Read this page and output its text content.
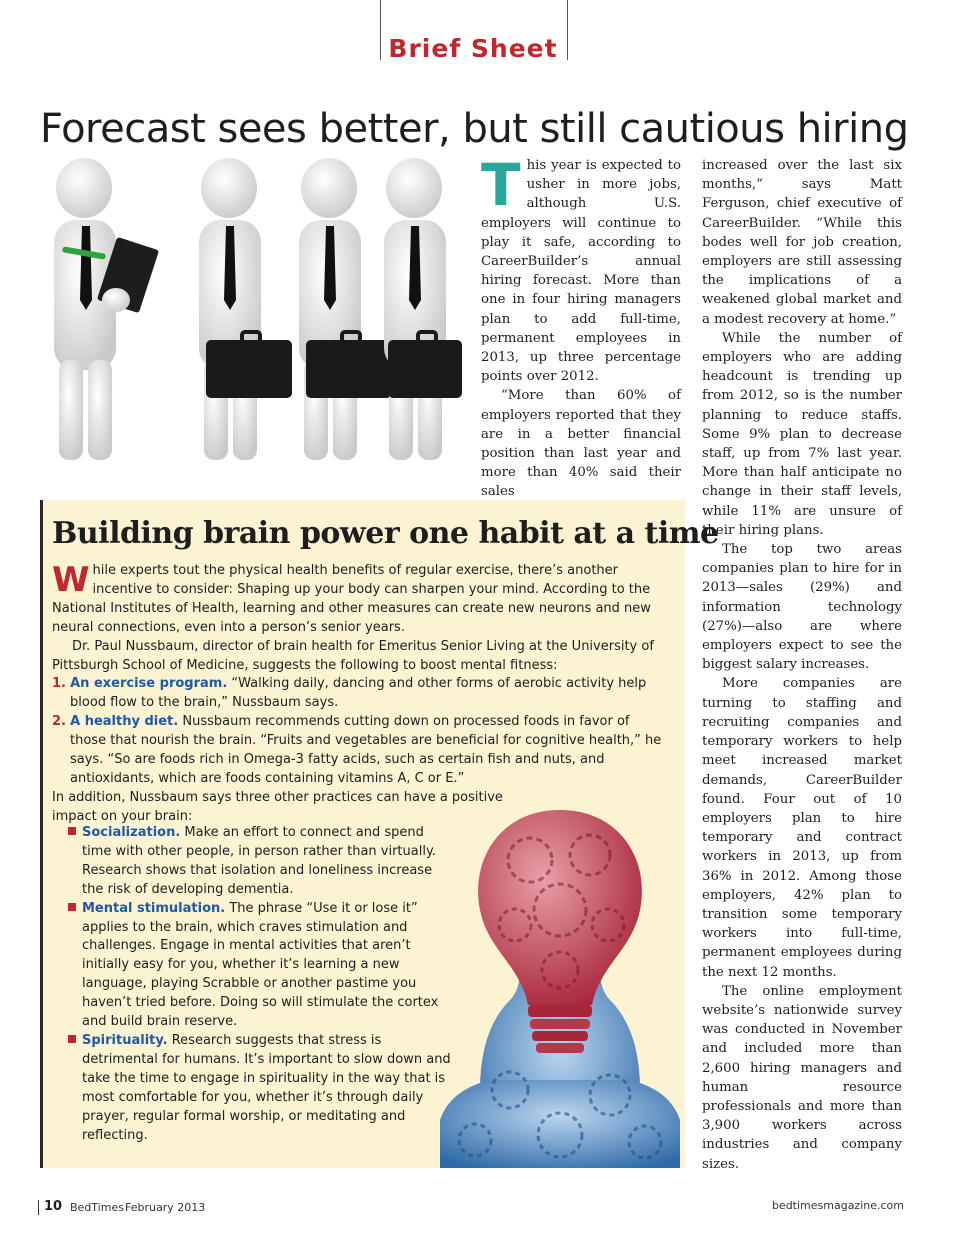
Brief Sheet
Forecast sees better, but still cautious hiring

This year is expected to usher in more jobs, although U.S. employers will continue to play it safe, according to CareerBuilder’s annual hiring forecast. More than one in four hiring managers plan to add full-time, permanent employees in 2013, up three percentage points over 2012.

“More than 60% of employers reported that they are in a better financial position than last year and more than 40% said their sales

increased over the last six months,” says Matt Ferguson, chief executive of CareerBuilder. “While this bodes well for job creation, employers are still assessing the implications of a weakened global market and a modest recovery at home.”

While the number of employers who are adding headcount is trending up from 2012, so is the number planning to reduce staffs. Some 9% plan to decrease staff, up from 7% last year. More than half anticipate no change in their staff levels, while 11% are unsure of their hiring plans.

The top two areas companies plan to hire for in 2013—sales (29%) and information technology (27%)—also are where employers expect to see the biggest salary increases.

More companies are turning to staffing and recruiting companies and temporary workers to help meet increased market demands, CareerBuilder found. Four out of 10 employers plan to hire temporary and contract workers in 2013, up from 36% in 2012. Among those employers, 42% plan to transition some temporary workers into full-time, permanent employees during the next 12 months.

The online employment website’s nationwide survey was conducted in November and included more than 2,600 hiring managers and human resource professionals and more than 3,900 workers across industries and company sizes.

Building brain power one habit at a time

While experts tout the physical health benefits of regular exercise, there’s another incentive to consider: Shaping up your body can sharpen your mind. According to the National Institutes of Health, learning and other measures can create new neurons and new neural connections, even into a person’s senior years.

Dr. Paul Nussbaum, director of brain health for Emeritus Senior Living at the University of Pittsburgh School of Medicine, suggests the following to boost mental fitness:

1. An exercise program. “Walking daily, dancing and other forms of aerobic activity help blood flow to the brain,” Nussbaum says.

2. A healthy diet. Nussbaum recommends cutting down on processed foods in favor of those that nourish the brain. “Fruits and vegetables are beneficial for cognitive health,” he says. “So are foods rich in Omega-3 fatty acids, such as certain fish and nuts, and antioxidants, which are foods containing vitamins A, C or E.”

In addition, Nussbaum says three other practices can have a positive impact on your brain:

Socialization. Make an effort to connect and spend time with other people, in person rather than virtually. Research shows that isolation and loneliness increase the risk of developing dementia.

Mental stimulation. The phrase “Use it or lose it” applies to the brain, which craves stimulation and challenges. Engage in mental activities that aren’t initially easy for you, whether it’s learning a new language, playing Scrabble or another pastime you haven’t tried before. Doing so will stimulate the cortex and build brain reserve.

Spirituality. Research suggests that stress is detrimental for humans. It’s important to slow down and take the time to engage in spirituality in the way that is most comfortable for you, whether it’s through daily prayer, regular formal worship, or meditating and reflecting.

10 BedTimes February 2013	bedtimesmagazine.com
